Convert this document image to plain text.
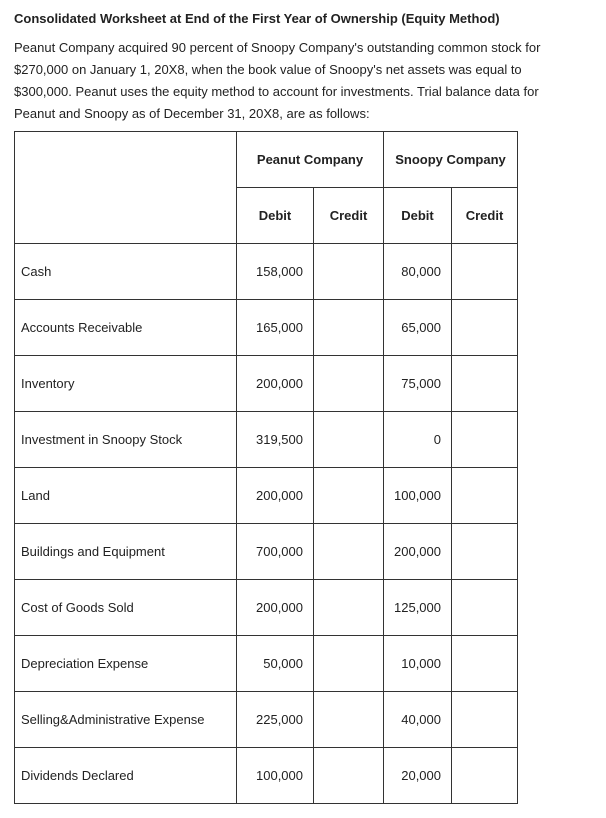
Consolidated Worksheet at End of the First Year of Ownership (Equity Method)
Peanut Company acquired 90 percent of Snoopy Company's outstanding common stock for
$270,000 on January 1, 20X8, when the book value of Snoopy's net assets was equal to
$300,000. Peanut uses the equity method to account for investments. Trial balance data for
Peanut and Snoopy as of December 31, 20X8, are as follows:
	Peanut Company		Snoopy Company	
	Debit	Credit	Debit	Credit
Cash	158,000		80,000	
Accounts Receivable	165,000		65,000	
Inventory	200,000		75,000	
Investment in Snoopy Stock	319,500		0	
Land	200,000		100,000	
Buildings and Equipment	700,000		200,000	
Cost of Goods Sold	200,000		125,000	
Depreciation Expense	50,000		10,000	
Selling&Administrative Expense	225,000		40,000	
Dividends Declared	100,000		20,000	
